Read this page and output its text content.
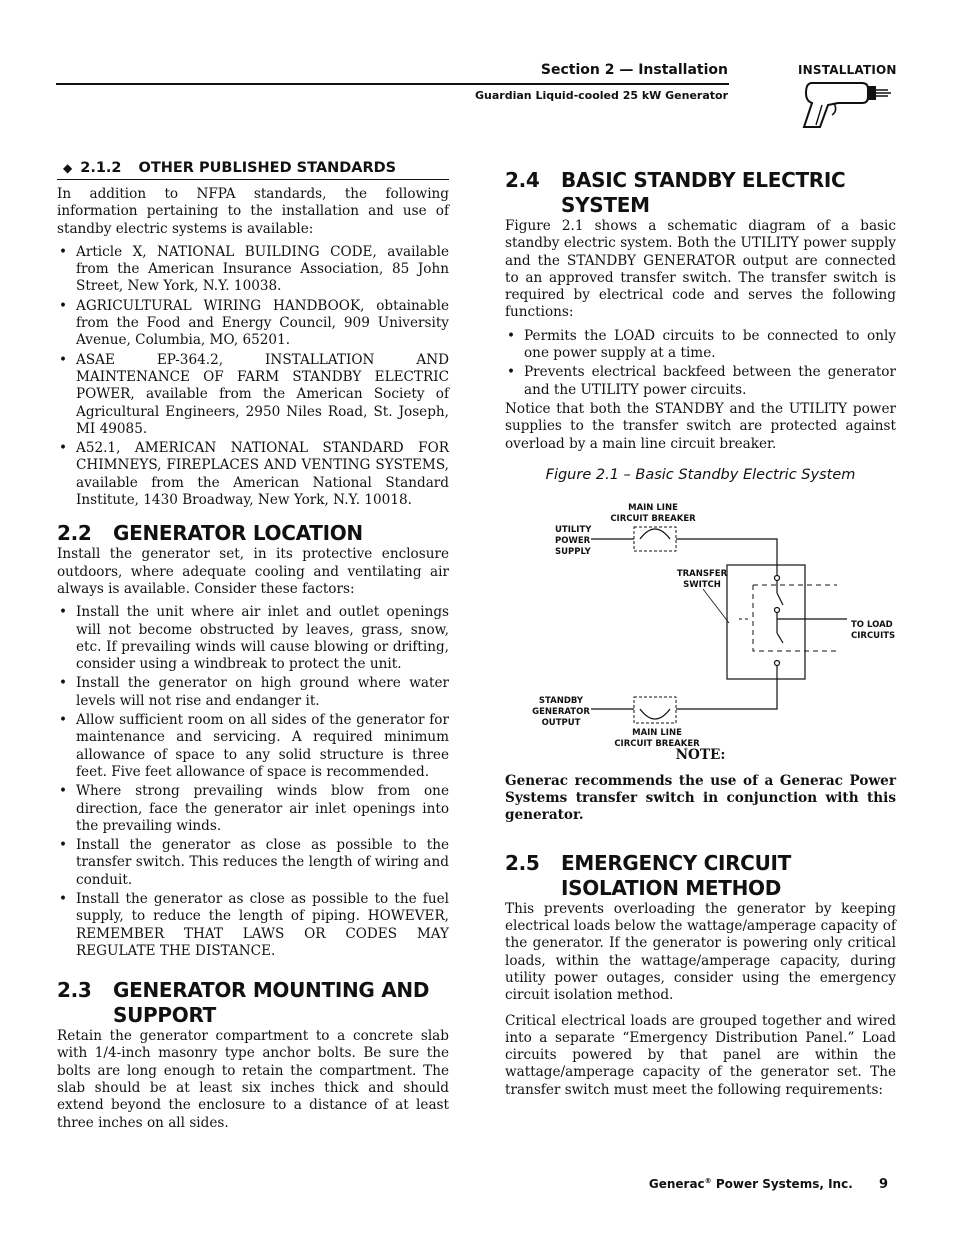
Section 2 — Installation
Guardian Liquid-cooled 25 kW Generator
INSTALLATION
◆ 2.1.2 OTHER PUBLISHED STANDARDS

In addition to NFPA standards, the following information pertaining to the installation and use of standby electric systems is available:

• Article X, NATIONAL BUILDING CODE, available from the American Insurance Association, 85 John Street, New York, N.Y. 10038.
• AGRICULTURAL WIRING HANDBOOK, obtainable from the Food and Energy Council, 909 University Avenue, Columbia, MO, 65201.
• ASAE EP-364.2, INSTALLATION AND MAINTENANCE OF FARM STANDBY ELECTRIC POWER, available from the American Society of Agricultural Engineers, 2950 Niles Road, St. Joseph, MI 49085.
• A52.1, AMERICAN NATIONAL STANDARD FOR CHIMNEYS, FIREPLACES AND VENTING SYSTEMS, available from the American National Standard Institute, 1430 Broadway, New York, N.Y. 10018.
2.2	GENERATOR LOCATION

Install the generator set, in its protective enclosure outdoors, where adequate cooling and ventilating air always is available. Consider these factors:

• Install the unit where air inlet and outlet openings will not become obstructed by leaves, grass, snow, etc. If prevailing winds will cause blowing or drifting, consider using a windbreak to protect the unit.
• Install the generator on high ground where water levels will not rise and endanger it.
• Allow sufficient room on all sides of the generator for maintenance and servicing. A required minimum allowance of space to any solid structure is three feet. Five feet allowance of space is recommended.
• Where strong prevailing winds blow from one direction, face the generator air inlet openings into the prevailing winds.
• Install the generator as close as possible to the transfer switch. This reduces the length of wiring and conduit.
• Install the generator as close as possible to the fuel supply, to reduce the length of piping. HOWEVER, REMEMBER THAT LAWS OR CODES MAY REGULATE THE DISTANCE.
2.3	GENERATOR MOUNTING AND SUPPORT

Retain the generator compartment to a concrete slab with 1/4-inch masonry type anchor bolts. Be sure the bolts are long enough to retain the compartment. The slab should be at least six inches thick and should extend beyond the enclosure to a distance of at least three inches on all sides.

2.4	BASIC STANDBY ELECTRIC SYSTEM

Figure 2.1 shows a schematic diagram of a basic standby electric system. Both the UTILITY power supply and the STANDBY GENERATOR output are connected to an approved transfer switch. The transfer switch is required by electrical code and serves the following functions:

• Permits the LOAD circuits to be connected to only one power supply at a time.
• Prevents electrical backfeed between the generator and the UTILITY power circuits.

Notice that both the STANDBY and the UTILITY power supplies to the transfer switch are protected against overload by a main line circuit breaker.

Figure 2.1 – Basic Standby Electric System
UTILITY
POWER
SUPPLY
MAIN LINE
CIRCUIT BREAKER
TRANSFER
SWITCH
TO LOAD
CIRCUITS
STANDBY
GENERATOR
OUTPUT
MAIN LINE
CIRCUIT BREAKER
NOTE:

Generac recommends the use of a Generac Power Systems transfer switch in conjunction with this generator.

2.5	EMERGENCY CIRCUIT ISOLATION METHOD

This prevents overloading the generator by keeping electrical loads below the wattage/amperage capacity of the generator. If the generator is powering only critical loads, within the wattage/amperage capacity, during utility power outages, consider using the emergency circuit isolation method.

Critical electrical loads are grouped together and wired into a separate “Emergency Distribution Panel.” Load circuits powered by that panel are within the wattage/amperage capacity of the generator set. The transfer switch must meet the following requirements:

Generac® Power Systems, Inc. 9
